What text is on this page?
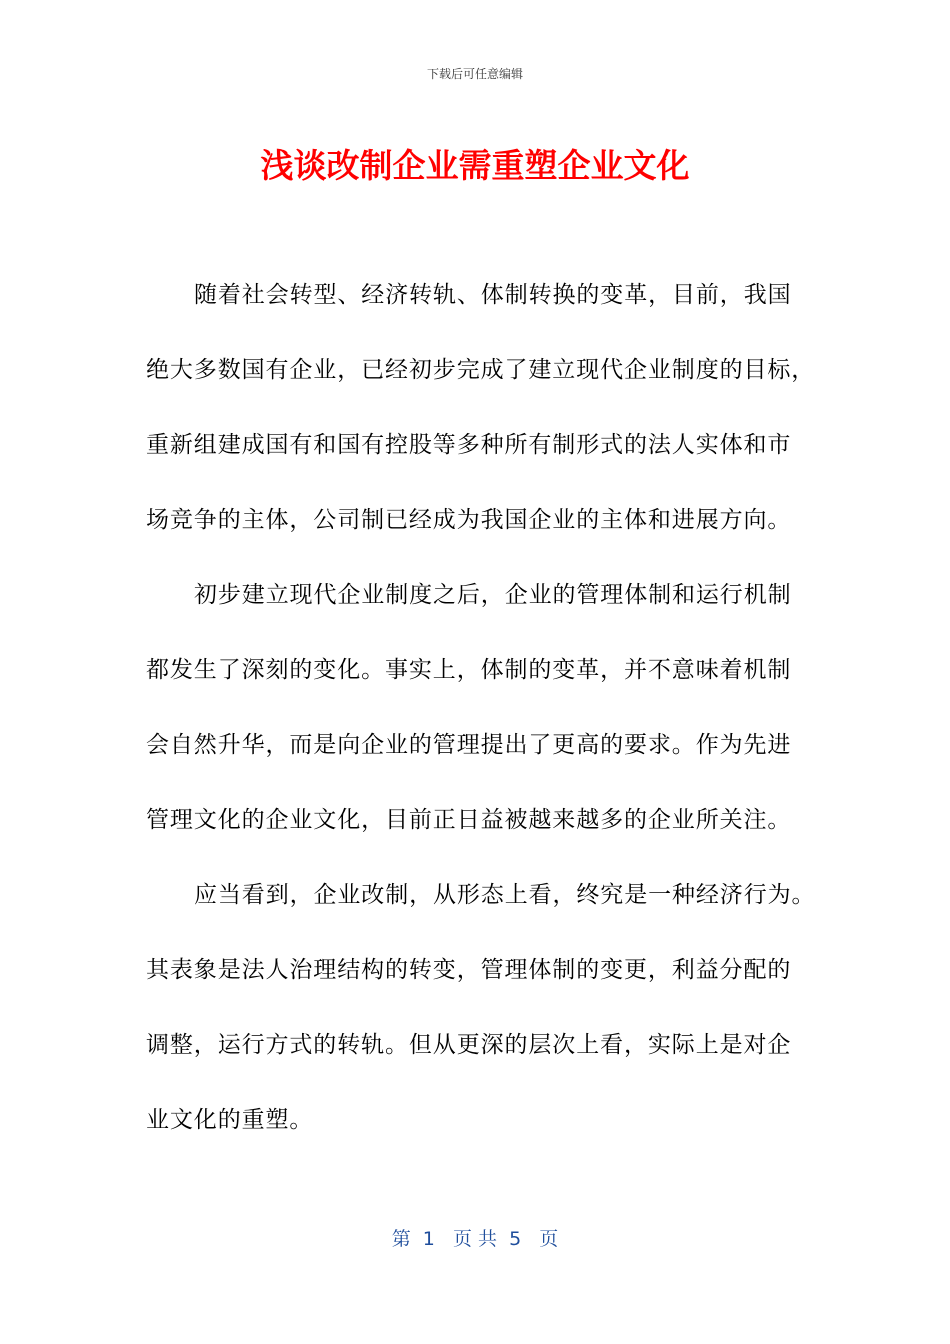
下载后可任意编辑
浅谈改制企业需重塑企业文化
随着社会转型、经济转轨、体制转换的变革，目前，我国
绝大多数国有企业，已经初步完成了建立现代企业制度的目标，
重新组建成国有和国有控股等多种所有制形式的法人实体和市
场竞争的主体，公司制已经成为我国企业的主体和进展方向。
初步建立现代企业制度之后，企业的管理体制和运行机制
都发生了深刻的变化。事实上，体制的变革，并不意味着机制
会自然升华，而是向企业的管理提出了更高的要求。作为先进
管理文化的企业文化，目前正日益被越来越多的企业所关注。
应当看到，企业改制，从形态上看，终究是一种经济行为。
其表象是法人治理结构的转变，管理体制的变更，利益分配的
调整，运行方式的转轨。但从更深的层次上看，实际上是对企
业文化的重塑。
第  1   页 共  5   页
